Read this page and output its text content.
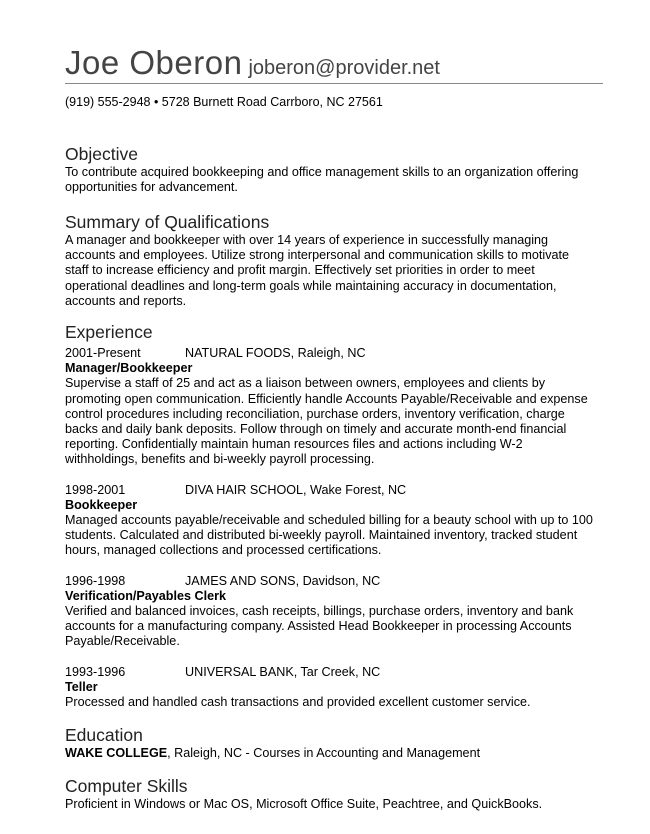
Joe Oberon joberon@provider.net
(919) 555-2948 • 5728 Burnett Road Carrboro, NC 27561
Objective
To contribute acquired bookkeeping and office management skills to an organization offering opportunities for advancement.
Summary of Qualifications
A manager and bookkeeper with over 14 years of experience in successfully managing accounts and employees. Utilize strong interpersonal and communication skills to motivate staff to increase efficiency and profit margin. Effectively set priorities in order to meet operational deadlines and long-term goals while maintaining accuracy in documentation, accounts and reports.
Experience
2001-Present	NATURAL FOODS, Raleigh, NC
Manager/Bookkeeper
Supervise a staff of 25 and act as a liaison between owners, employees and clients by promoting open communication. Efficiently handle Accounts Payable/Receivable and expense control procedures including reconciliation, purchase orders, inventory verification, charge backs and daily bank deposits. Follow through on timely and accurate month-end financial reporting. Confidentially maintain human resources files and actions including W-2 withholdings, benefits and bi-weekly payroll processing.
1998-2001	DIVA HAIR SCHOOL, Wake Forest, NC
Bookkeeper
Managed accounts payable/receivable and scheduled billing for a beauty school with up to 100 students. Calculated and distributed bi-weekly payroll. Maintained inventory, tracked student hours, managed collections and processed certifications.
1996-1998	JAMES AND SONS, Davidson, NC
Verification/Payables Clerk
Verified and balanced invoices, cash receipts, billings, purchase orders, inventory and bank accounts for a manufacturing company. Assisted Head Bookkeeper in processing Accounts Payable/Receivable.
1993-1996	UNIVERSAL BANK, Tar Creek, NC
Teller
Processed and handled cash transactions and provided excellent customer service.
Education
WAKE COLLEGE, Raleigh, NC - Courses in Accounting and Management
Computer Skills
Proficient in Windows or Mac OS, Microsoft Office Suite, Peachtree, and QuickBooks.
